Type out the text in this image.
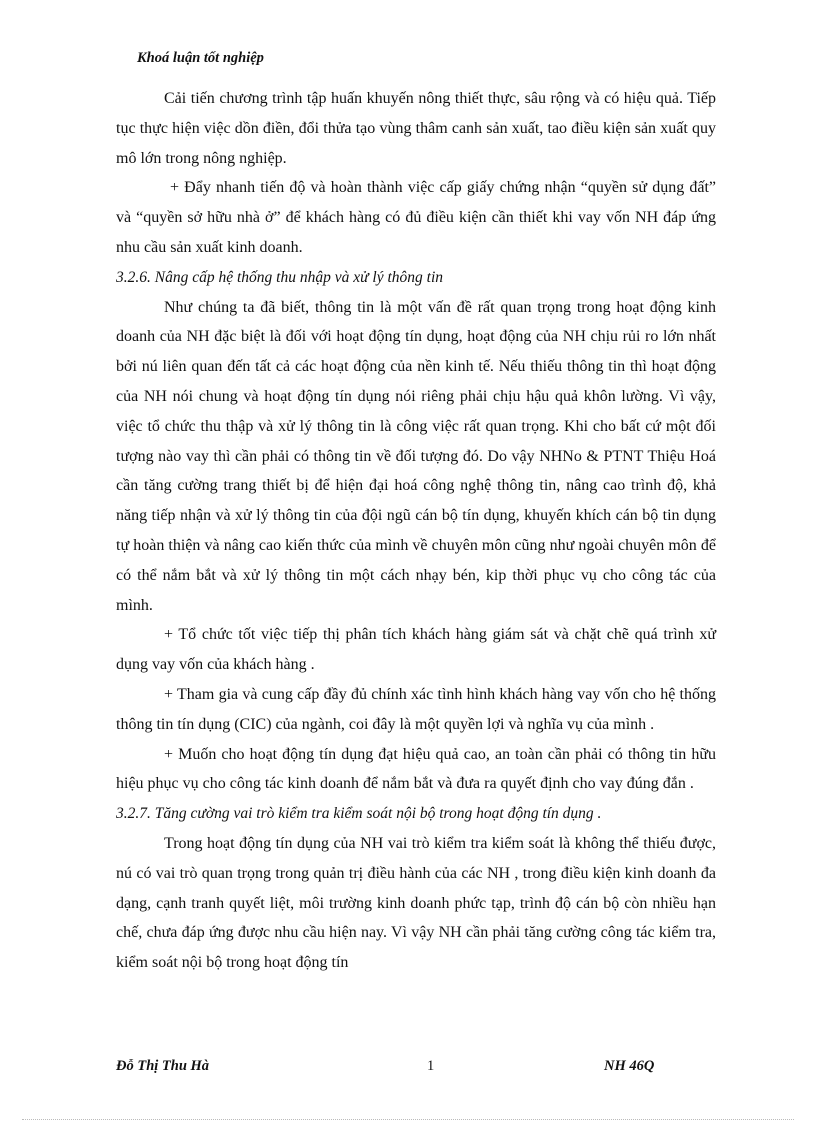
Khoá luận tốt nghiệp

Cải tiến chương trình tập huấn khuyến nông thiết thực, sâu rộng và có hiệu quả. Tiếp tục thực hiện việc dồn điền, đổi thửa tạo vùng thâm canh sản xuất, tao điều kiện sản xuất quy mô lớn trong nông nghiệp.

+ Đẩy nhanh tiến độ và hoàn thành việc cấp giấy chứng nhận “quyền sử dụng đất” và “quyền sở hữu nhà ở” để khách hàng có đủ điều kiện cần thiết khi vay vốn NH đáp ứng nhu cầu sản xuất kinh doanh.

3.2.6. Nâng cấp hệ thống thu nhập và xử lý thông tin

Như chúng ta đã biết, thông tin là một vấn đề rất quan trọng trong hoạt động kinh doanh của NH đặc biệt là đối với hoạt động tín dụng, hoạt động của NH chịu rủi ro lớn nhất bởi nú liên quan đến tất cả các hoạt động của nền kinh tế. Nếu thiếu thông tin thì hoạt động của NH nói chung và hoạt động tín dụng nói riêng phải chịu hậu quả khôn lường. Vì vậy, việc tổ chức thu thập và xử lý thông tin là công việc rất quan trọng. Khi cho bất cứ một đối tượng nào vay thì cần phải có thông tin về đối tượng đó. Do vậy NHNo & PTNT Thiệu Hoá cần tăng cường trang thiết bị để hiện đại hoá công nghệ thông tin, nâng cao trình độ, khả năng tiếp nhận và xử lý thông tin của đội ngũ cán bộ tín dụng, khuyến khích cán bộ tin dụng tự hoàn thiện và nâng cao kiến thức của mình về chuyên môn cũng như ngoài chuyên môn để có thể nắm bắt và xử lý thông tin một cách nhạy bén, kip thời phục vụ cho công tác của mình.

+ Tổ chức tốt việc tiếp thị phân tích khách hàng giám sát và chặt chẽ quá trình xử dụng vay vốn của khách hàng .

+ Tham gia và cung cấp đầy đủ chính xác tình hình khách hàng vay vốn cho hệ thống thông tin tín dụng (CIC) của ngành, coi đây là một quyền lợi và nghĩa vụ của mình .

+ Muốn cho hoạt động tín dụng đạt hiệu quả cao, an toàn cần phải có thông tin hữu hiệu phục vụ cho công tác kinh doanh để nắm bắt và đưa ra quyết định cho vay đúng đắn .

3.2.7. Tăng cường vai trò kiểm tra kiểm soát nội bộ trong hoạt động tín dụng .

Trong hoạt động tín dụng của NH vai trò kiểm tra kiểm soát là không thể thiếu được, nú có vai trò quan trọng trong quản trị điều hành của các NH , trong điều kiện kinh doanh đa dạng, cạnh tranh quyết liệt, môi trường kinh doanh phức tạp, trình độ cán bộ còn nhiều hạn chế, chưa đáp ứng được nhu cầu hiện nay. Vì vậy NH cần phải tăng cường công tác kiểm tra, kiểm soát nội bộ trong hoạt động tín

Đỗ Thị Thu Hà	1	NH 46Q
